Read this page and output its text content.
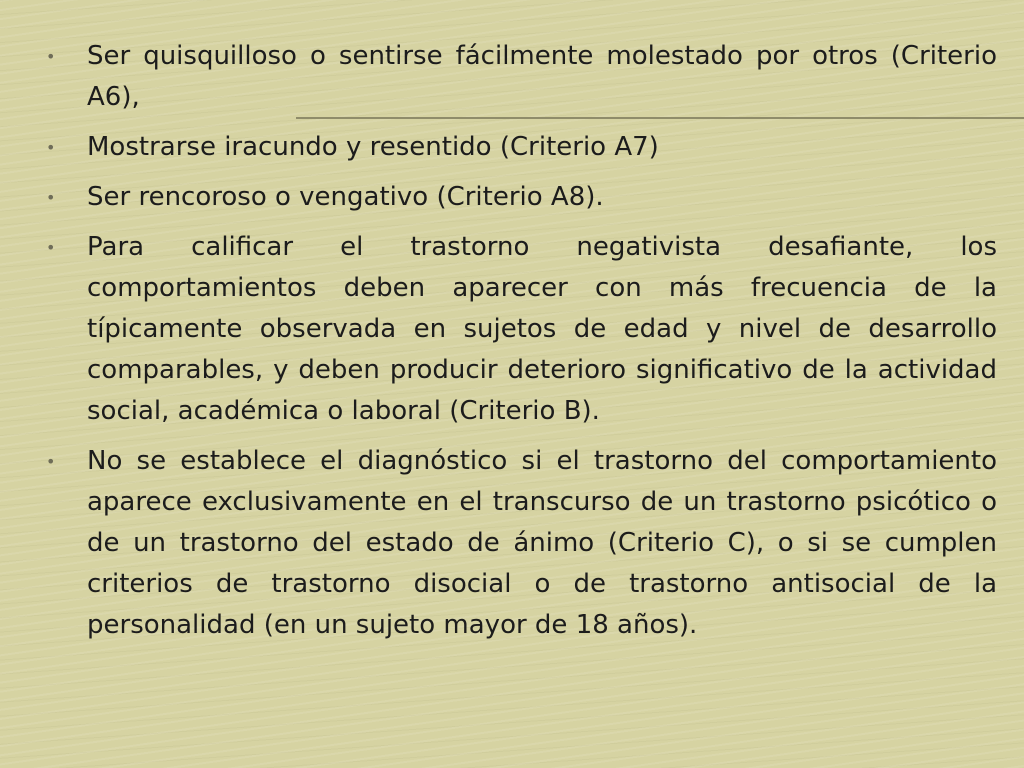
• Ser quisquilloso o sentirse fácilmente molestado por otros (Criterio A6),
• Mostrarse iracundo y resentido (Criterio A7)
• Ser rencoroso o vengativo (Criterio A8).
• Para calificar el trastorno negativista desafiante, los comportamientos deben aparecer con más frecuencia de la típicamente observada en sujetos de edad y nivel de desarrollo comparables, y deben producir deterioro significativo de la actividad social, académica o laboral (Criterio B).
• No se establece el diagnóstico si el trastorno del comportamiento aparece exclusivamente en el transcurso de un trastorno psicótico o de un trastorno del estado de ánimo (Criterio C), o si se cumplen criterios de trastorno disocial o de trastorno antisocial de la personalidad (en un sujeto mayor de 18 años).
